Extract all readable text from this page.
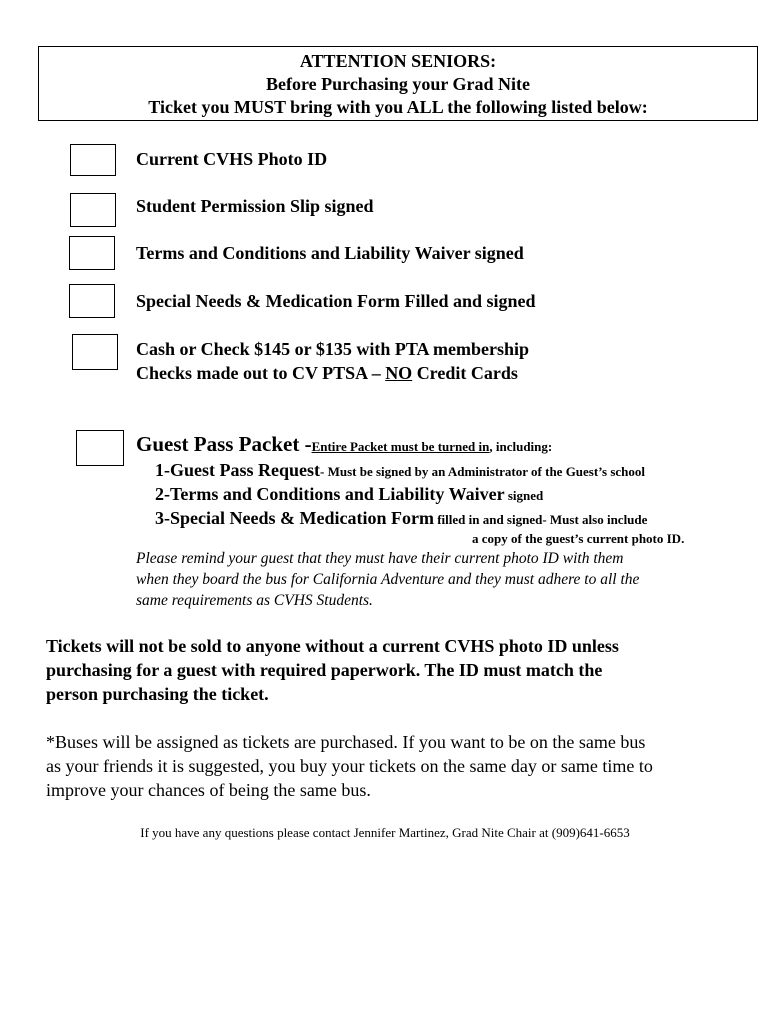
ATTENTION SENIORS:
Before Purchasing your Grad Nite
Ticket you MUST bring with you ALL the following listed below:
Current CVHS Photo ID
Student Permission Slip signed
Terms and Conditions and Liability Waiver signed
Special Needs & Medication Form Filled and signed
Cash or Check $145 or $135 with PTA membership
Checks made out to CV PTSA – NO Credit Cards
Guest Pass Packet -Entire Packet must be turned in, including:
1-Guest Pass Request- Must be signed by an Administrator of the Guest’s school
2-Terms and Conditions and Liability Waiver signed
3-Special Needs & Medication Form filled in and signed- Must also include
a copy of the guest’s current photo ID.
Please remind your guest that they must have their current photo ID with them
when they board the bus for California Adventure and they must adhere to all the
same requirements as CVHS Students.
Tickets will not be sold to anyone without a current CVHS photo ID unless
purchasing for a guest with required paperwork. The ID must match the
person purchasing the ticket.
*Buses will be assigned as tickets are purchased. If you want to be on the same bus
as your friends it is suggested, you buy your tickets on the same day or same time to
improve your chances of being the same bus.
If you have any questions please contact Jennifer Martinez, Grad Nite Chair at (909)641-6653
